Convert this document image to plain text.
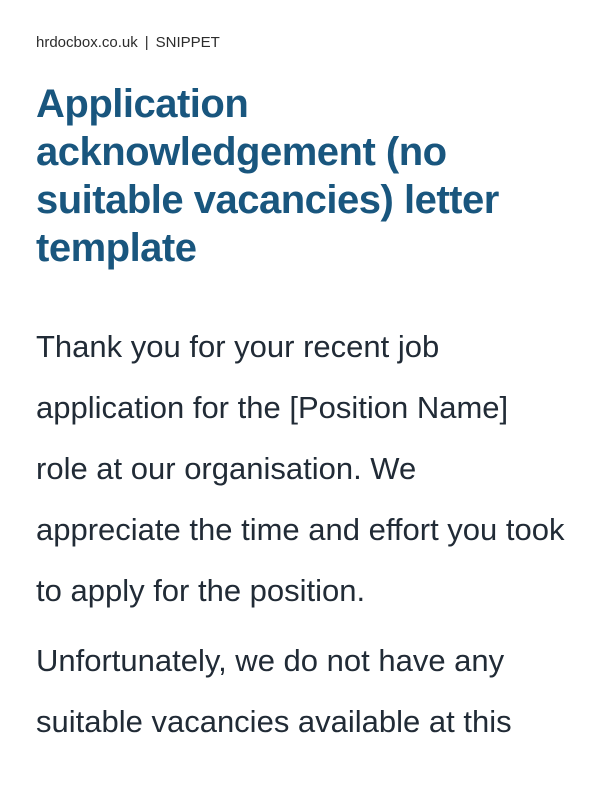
hrdocbox.co.uk | SNIPPET
Application acknowledgement (no suitable vacancies) letter template

Thank you for your recent job application for the [Position Name] role at our organisation. We appreciate the time and effort you took to apply for the position.

Unfortunately, we do not have any suitable vacancies available at this
